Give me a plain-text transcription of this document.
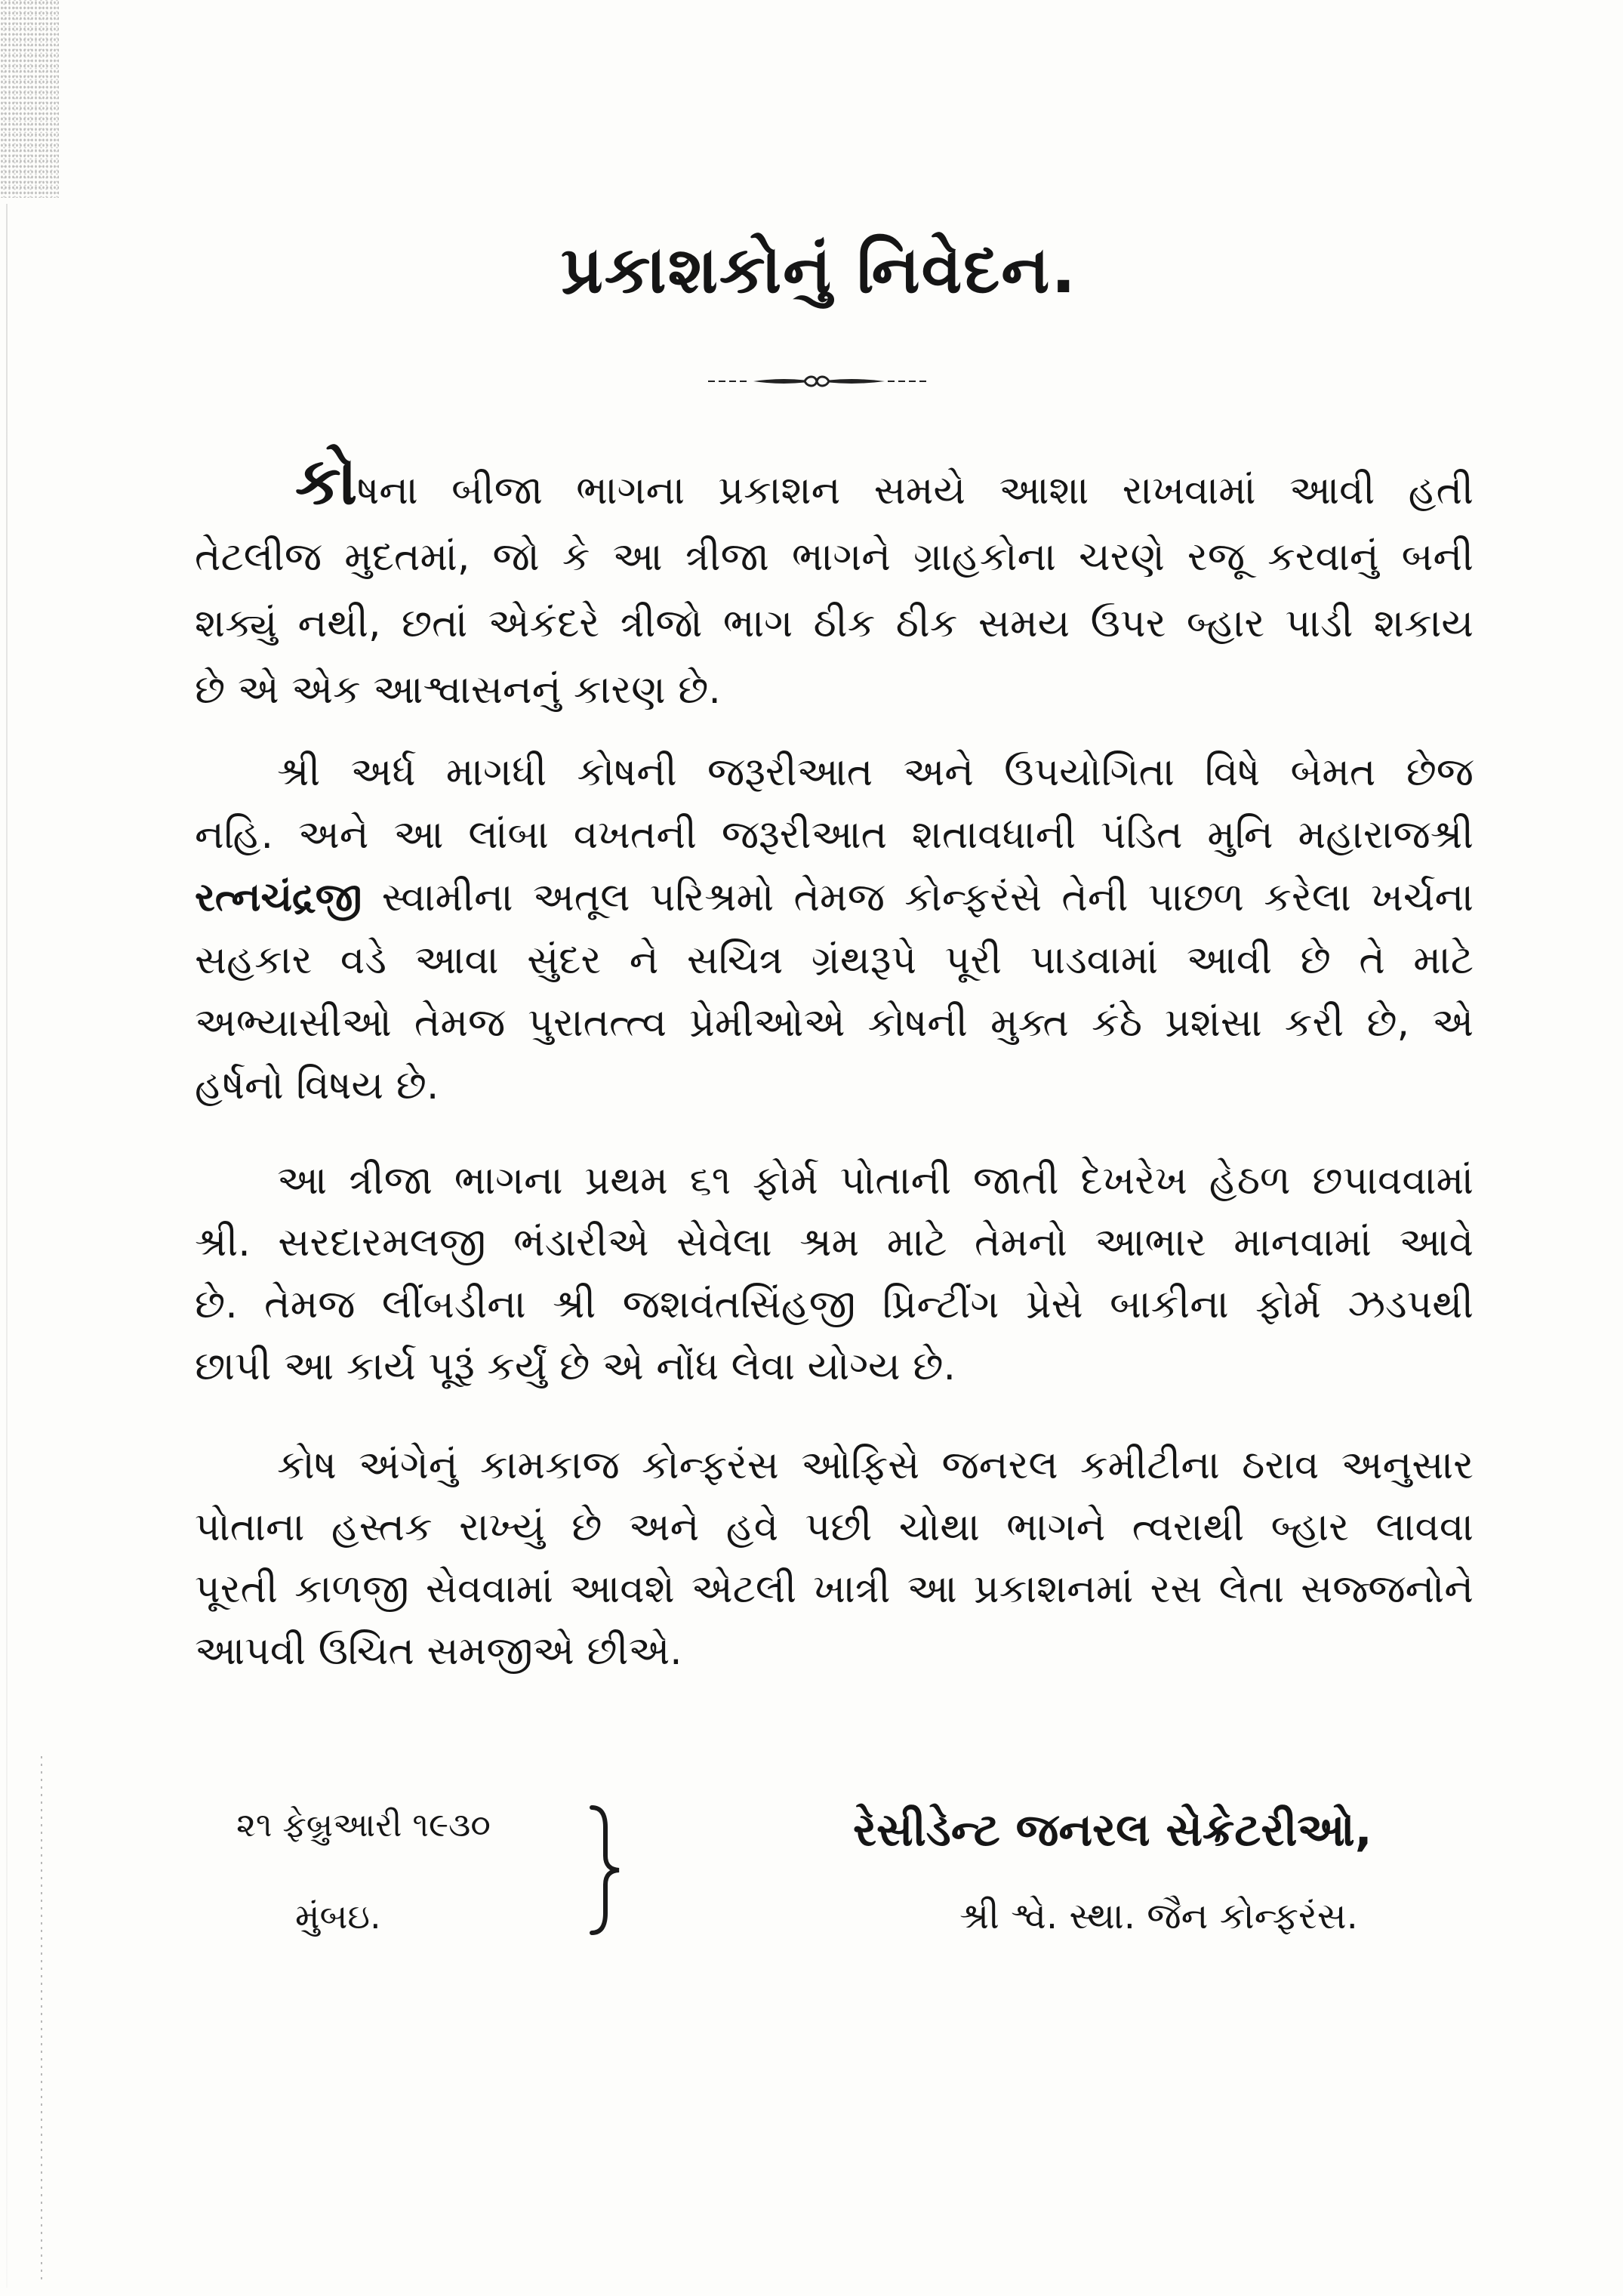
પ્રકાશકોનું નિવેદન.
કોષના બીજા ભાગના પ્રકાશન સમયે આશા રાખવામાં આવી હતી
તેટલીજ મુદતમાં, જો કે આ ત્રીજા ભાગને ગ્રાહકોના ચરણે રજૂ કરવાનું બની
શક્યું નથી, છતાં એકંદરે ત્રીજો ભાગ ઠીક ઠીક સમય ઉપર બ્હાર પાડી શકાય
છે એ એક આશ્વાસનનું કારણ છે.
શ્રી અર્ધ માગધી કોષની જરૂરીઆત અને ઉપયોગિતા વિષે બેમત છેજ
નહિ. અને આ લાંબા વખતની જરૂરીઆત શતાવધાની પંડિત મુનિ મહારાજશ્રી
રત્નચંદ્રજી સ્વામીના અતૂલ પરિશ્રમો તેમજ કોન્ફરંસે તેની પાછળ કરેલા ખર્ચના
સહકાર વડે આવા સુંદર ને સચિત્ર ગ્રંથરૂપે પૂરી પાડવામાં આવી છે તે માટે
અભ્યાસીઓ તેમજ પુરાતત્ત્વ પ્રેમીઓએ કોષની મુક્ત કંઠે પ્રશંસા કરી છે, એ
હર્ષનો વિષય છે.
આ ત્રીજા ભાગના પ્રથમ ૬૧ ફોર્મ પોતાની જાતી દેખરેખ હેઠળ છપાવવામાં
શ્રી. સરદારમલજી ભંડારીએ સેવેલા શ્રમ માટે તેમનો આભાર માનવામાં આવે
છે. તેમજ લીંબડીના શ્રી જશવંતસિંહજી પ્રિન્ટીંગ પ્રેસે બાકીના ફોર્મ ઝડપથી
છાપી આ કાર્ય પૂરૂં કર્યું છે એ નોંધ લેવા યોગ્ય છે.
કોષ અંગેનું કામકાજ કોન્ફરંસ ઓફિસે જનરલ કમીટીના ઠરાવ અનુસાર
પોતાના હસ્તક રાખ્યું છે અને હવે પછી ચોથા ભાગને ત્વરાથી બ્હાર લાવવા
પૂરતી કાળજી સેવવામાં આવશે એટલી ખાત્રી આ પ્રકાશનમાં રસ લેતા સજ્જનોને
આપવી ઉચિત સમજીએ છીએ.
૨૧ ફેબ્રુઆરી ૧૯૩૦
મુંબઇ.
રેસીડેન્ટ જનરલ સેક્રેટરીઓ,
શ્રી શ્વે. સ્થા. જૈન કોન્ફરંસ.
